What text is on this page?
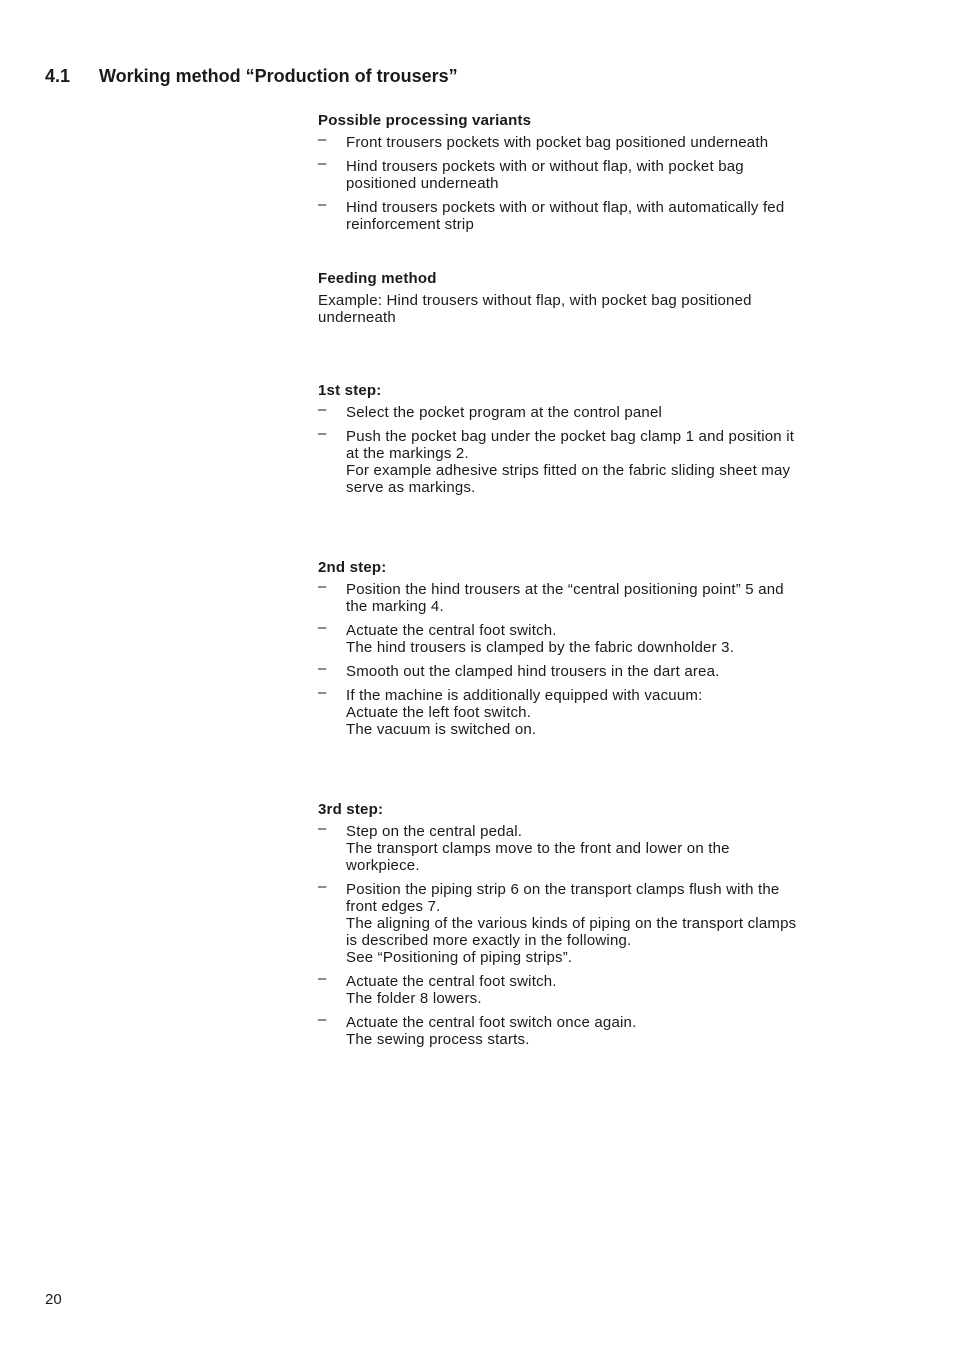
4.1 Working method “Production of trousers”

Possible processing variants

– Front trousers pockets with pocket bag positioned underneath
– Hind trousers pockets with or without flap, with pocket bag
positioned underneath
– Hind trousers pockets with or without flap, with automatically fed
reinforcement strip

Feeding method

Example: Hind trousers without flap, with pocket bag positioned
underneath

1st step:

– Select the pocket program at the control panel
– Push the pocket bag under the pocket bag clamp 1 and position it
at the markings 2.
For example adhesive strips fitted on the fabric sliding sheet may
serve as markings.

2nd step:

– Position the hind trousers at the “central positioning point” 5 and
the marking 4.
– Actuate the central foot switch.
The hind trousers is clamped by the fabric downholder 3.
– Smooth out the clamped hind trousers in the dart area.
– If the machine is additionally equipped with vacuum:
Actuate the left foot switch.
The vacuum is switched on.

3rd step:

– Step on the central pedal.
The transport clamps move to the front and lower on the
workpiece.
– Position the piping strip 6 on the transport clamps flush with the
front edges 7.
The aligning of the various kinds of piping on the transport clamps
is described more exactly in the following.
See “Positioning of piping strips”.
– Actuate the central foot switch.
The folder 8 lowers.
– Actuate the central foot switch once again.
The sewing process starts.
20
